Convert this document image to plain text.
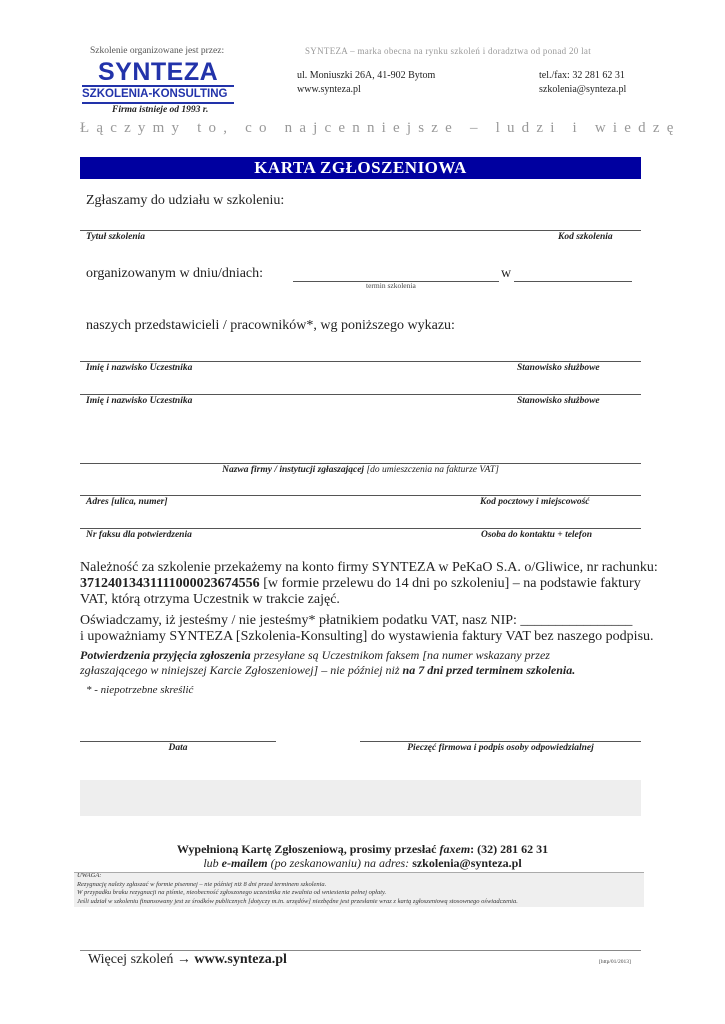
Szkolenie organizowane jest przez:	SYNTEZA – marka obecna na rynku szkoleń i doradztwa od ponad 20 lat
SYNTEZA
SZKOLENIA-KONSULTING
Firma istnieje od 1993 r.
ul. Moniuszki 26A, 41-902 Bytom	tel./fax: 32 281 62 31
www.synteza.pl	szkolenia@synteza.pl
Łączymy to, co najcenniejsze – ludzi i wiedzę
KARTA ZGŁOSZENIOWA
Zgłaszamy do udziału w szkoleniu:
Tytuł szkolenia	Kod szkolenia
organizowanym w dniu/dniach:	w
termin szkolenia
naszych przedstawicieli / pracowników*, wg poniższego wykazu:
Imię i nazwisko Uczestnika	Stanowisko służbowe
Imię i nazwisko Uczestnika	Stanowisko służbowe
Nazwa firmy / instytucji zgłaszającej [do umieszczenia na fakturze VAT]
Adres [ulica, numer]	Kod pocztowy i miejscowość
Nr faksu dla potwierdzenia	Osoba do kontaktu + telefon
Należność za szkolenie przekażemy na konto firmy SYNTEZA w PeKaO S.A. o/Gliwice, nr rachunku:
37124013431111000023674556 [w formie przelewu do 14 dni po szkoleniu] – na podstawie faktury
VAT, którą otrzyma Uczestnik w trakcie zajęć.
Oświadczamy, iż jesteśmy / nie jesteśmy* płatnikiem podatku VAT, nasz NIP: ________________
i upoważniamy SYNTEZA [Szkolenia-Konsulting] do wystawienia faktury VAT bez naszego podpisu.
Potwierdzenia przyjęcia zgłoszenia przesyłane są Uczestnikom faksem [na numer wskazany przez
zgłaszającego w niniejszej Karcie Zgłoszeniowej] – nie później niż na 7 dni przed terminem szkolenia.
* - niepotrzebne skreślić
Data	Pieczęć firmowa i podpis osoby odpowiedzialnej
Wypełnioną Kartę Zgłoszeniową, prosimy przesłać faxem: (32) 281 62 31
lub e-mailem (po zeskanowaniu) na adres: szkolenia@synteza.pl
UWAGA:
Rezygnację należy zgłaszać w formie pisemnej – nie później niż 8 dni przed terminem szkolenia.
W przypadku braku rezygnacji na piśmie, nieobecność zgłoszonego uczestnika nie zwalnia od wniesienia pełnej opłaty.
Jeśli udział w szkoleniu finansowany jest ze środków publicznych [dotyczy m.in. urzędów] niezbędne jest przesłanie wraz z kartą zgłoszeniową stosownego oświadczenia.
Więcej szkoleń → www.synteza.pl	[http/01/2013]
